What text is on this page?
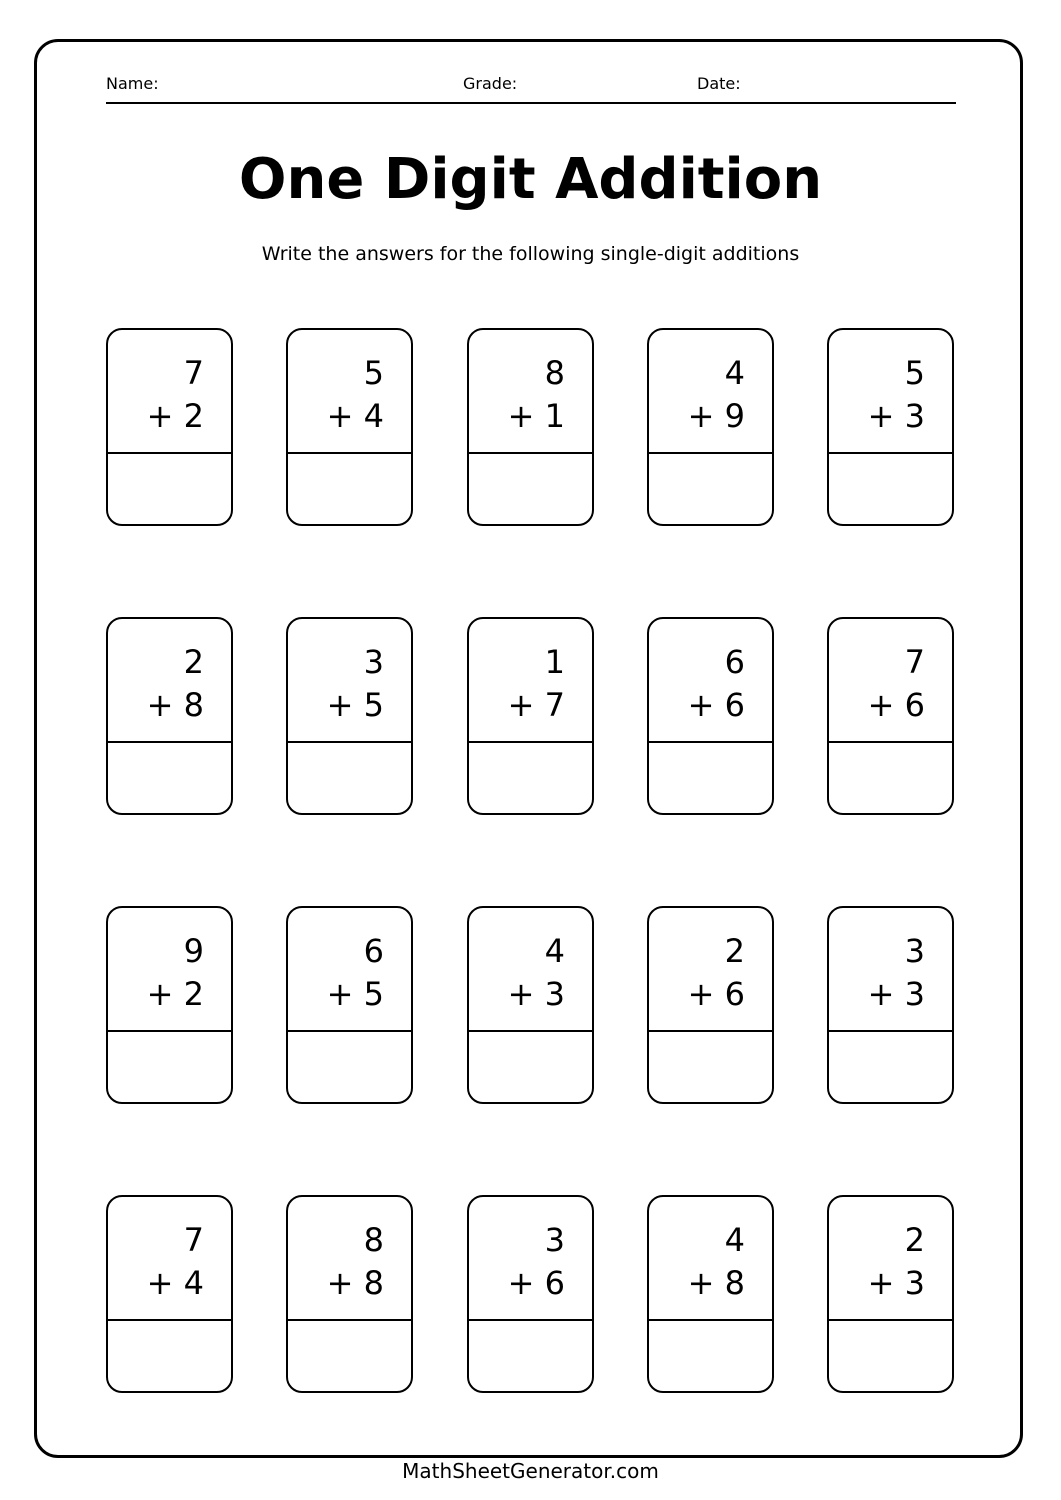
Name:	Grade:	Date:
One Digit Addition
Write the answers for the following single-digit additions
7
+ 2
5
+ 4
8
+ 1
4
+ 9
5
+ 3
2
+ 8
3
+ 5
1
+ 7
6
+ 6
7
+ 6
9
+ 2
6
+ 5
4
+ 3
2
+ 6
3
+ 3
7
+ 4
8
+ 8
3
+ 6
4
+ 8
2
+ 3
MathSheetGenerator.com
